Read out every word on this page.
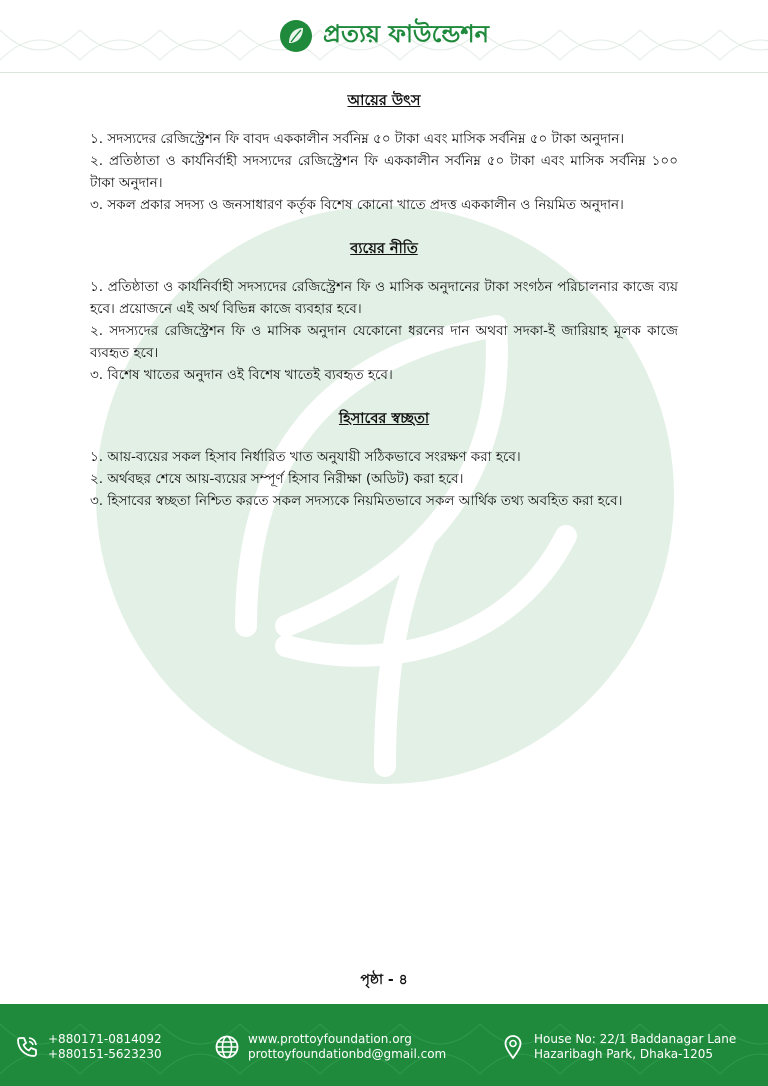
প্রত্যয় ফাউন্ডেশন
আয়ের উৎস

১. সদস্যদের রেজিস্ট্রেশন ফি বাবদ এককালীন সর্বনিম্ন ৫০ টাকা এবং মাসিক সর্বনিম্ন ৫০ টাকা অনুদান।

২. প্রতিষ্ঠাতা ও কার্যনির্বাহী সদস্যদের রেজিস্ট্রেশন ফি এককালীন সর্বনিম্ন ৫০ টাকা এবং মাসিক সর্বনিম্ন ১০০ টাকা অনুদান।

৩. সকল প্রকার সদস্য ও জনসাধারণ কর্তৃক বিশেষ কোনো খাতে প্রদত্ত এককালীন ও নিয়মিত অনুদান।

ব্যয়ের নীতি

১. প্রতিষ্ঠাতা ও কার্যনির্বাহী সদস্যদের রেজিস্ট্রেশন ফি ও মাসিক অনুদানের টাকা সংগঠন পরিচালনার কাজে ব্যয় হবে। প্রয়োজনে এই অর্থ বিভিন্ন কাজে ব্যবহার হবে।

২. সদস্যদের রেজিস্ট্রেশন ফি ও মাসিক অনুদান যেকোনো ধরনের দান অথবা সদকা-ই জারিয়াহ মূলক কাজে ব্যবহৃত হবে।

৩. বিশেষ খাতের অনুদান ওই বিশেষ খাতেই ব্যবহৃত হবে।

হিসাবের স্বচ্ছতা

১. আয়-ব্যয়ের সকল হিসাব নির্ধারিত খাত অনুযায়ী সঠিকভাবে সংরক্ষণ করা হবে।

২. অর্থবছর শেষে আয়-ব্যয়ের সম্পূর্ণ হিসাব নিরীক্ষা (অডিট) করা হবে।

৩. হিসাবের স্বচ্ছতা নিশ্চিত করতে সকল সদস্যকে নিয়মিতভাবে সকল আর্থিক তথ্য অবহিত করা হবে।

পৃষ্ঠা - ৪
+880171-0814092
+880151-5623230
www.prottoyfoundation.org
prottoyfoundationbd@gmail.com
House No: 22/1 Baddanagar Lane
Hazaribagh Park, Dhaka-1205
